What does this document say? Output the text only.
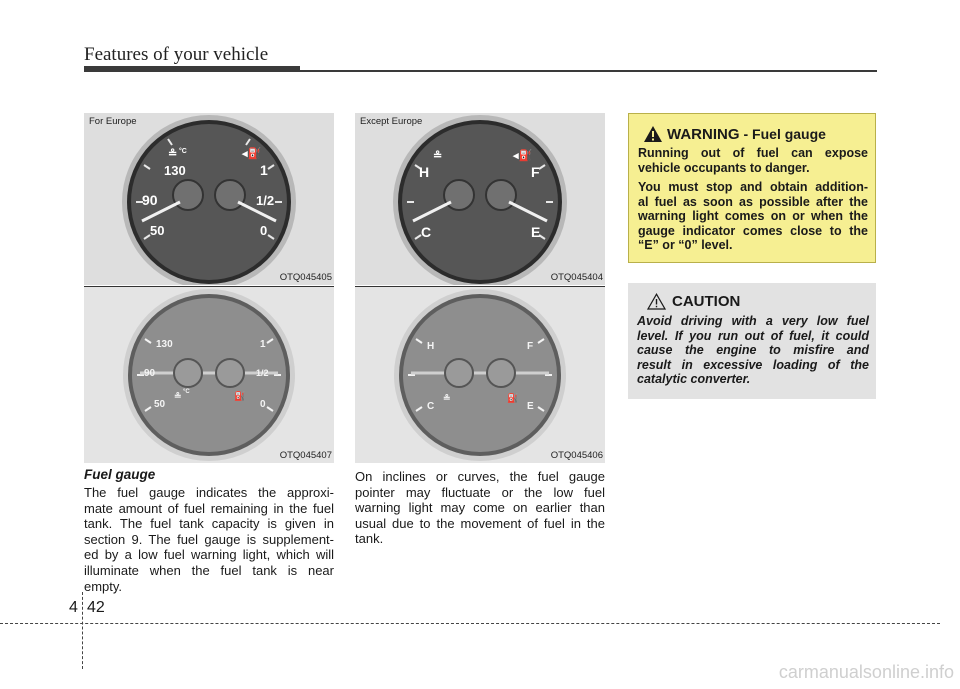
Features of your vehicle
≗ °C	◂⛽
130
90
50
1
1/2
0
For Europe
OTQ045405
≗	◂⛽
H
C
F
E
Except Europe
OTQ045404
130
90
50
≗ °C
1
1/2
0
⛽
OTQ045407
H
C
≗
F
E
⛽
OTQ045406
Fuel gauge
The fuel gauge indicates the approxi-
mate amount of fuel remaining in the fuel
tank. The fuel tank capacity is given in
section 9. The fuel gauge is supplement-
ed by a low fuel warning light, which will
illuminate when the fuel tank is near
empty.
On inclines or curves, the fuel gauge
pointer may fluctuate or the low fuel
warning light may come on earlier than
usual due to the movement of fuel in the
tank.
WARNING - Fuel gauge
Running out of fuel can expose
vehicle occupants to danger.
You must stop and obtain addition-
al fuel as soon as possible after the
warning light comes on or when the
gauge indicator comes close to the
“E” or “0” level.
CAUTION
Avoid driving with a very low fuel
level. If you run out of fuel, it could
cause the engine to misfire and
result in excessive loading of the
catalytic converter.
4 42
carmanualsonline.info
